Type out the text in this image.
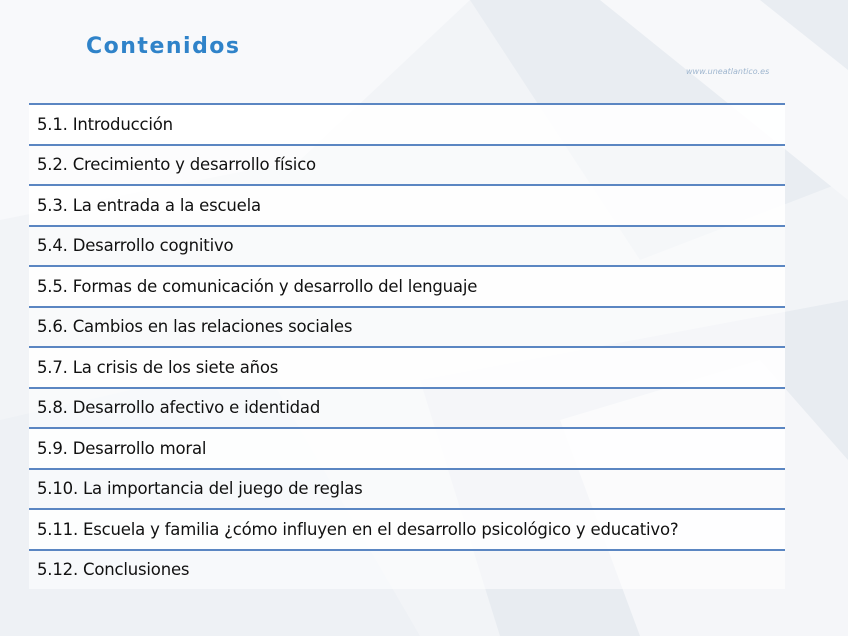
Contenidos
www.uneatlantico.es
5.1. Introducción
5.2. Crecimiento y desarrollo físico
5.3. La entrada a la escuela
5.4. Desarrollo cognitivo
5.5. Formas de comunicación y desarrollo del lenguaje
5.6. Cambios en las relaciones sociales
5.7. La crisis de los siete años
5.8. Desarrollo afectivo e identidad
5.9. Desarrollo moral
5.10. La importancia del juego de reglas
5.11. Escuela y familia ¿cómo influyen en el desarrollo psicológico y educativo?
5.12. Conclusiones
